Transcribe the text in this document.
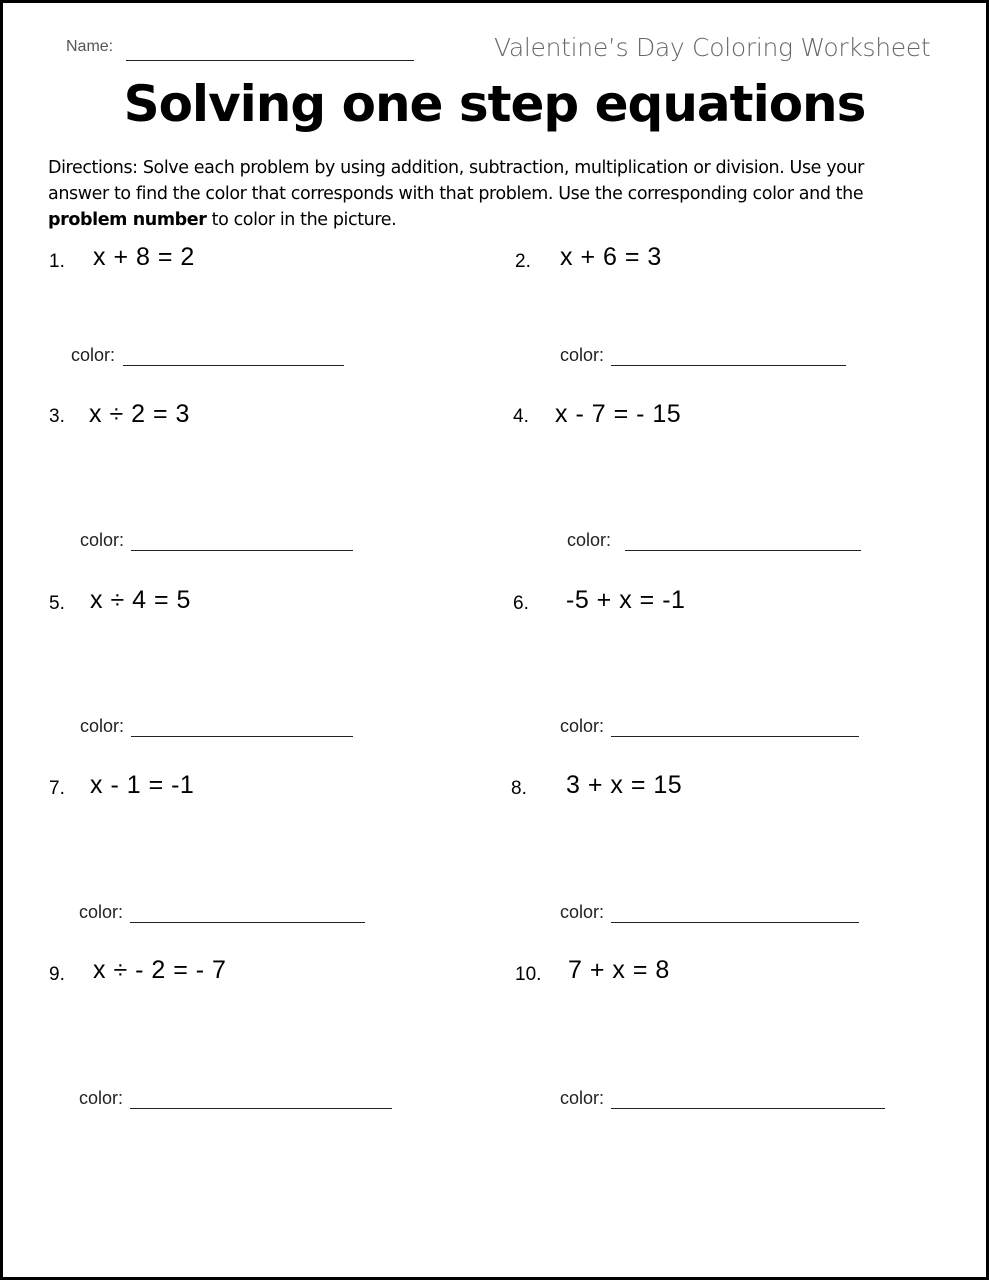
Name:	Valentine’s Day Coloring Worksheet
Solving one step equations
Directions: Solve each problem by using addition, subtraction, multiplication or division. Use your answer to find the color that corresponds with that problem. Use the corresponding color and the problem number to color in the picture.
1. x + 8 = 2
color:
2. x + 6 = 3
color:
3. x ÷ 2 = 3
color:
4. x - 7 = - 15
color:
5. x ÷ 4 = 5
color:
6. -5 + x = -1
color:
7. x - 1 = -1
color:
8. 3 + x = 15
color:
9. x ÷ - 2 = - 7
color:
10. 7 + x = 8
color:
